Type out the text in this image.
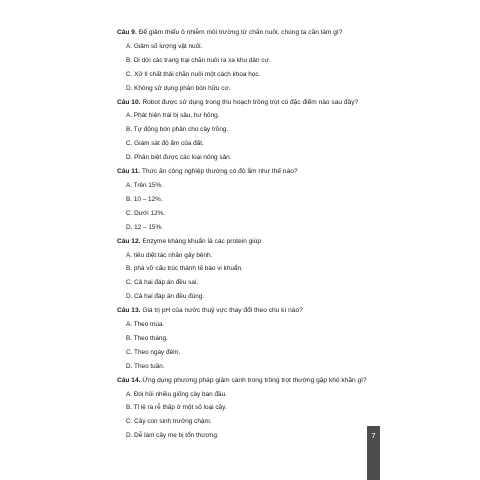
Câu 9. Để giảm thiểu ô nhiễm môi trường từ chăn nuôi, chúng ta cần làm gì?
A. Giảm số lượng vật nuôi.
B. Di dời các trang trại chăn nuôi ra xa khu dân cư.
C. Xử lí chất thải chăn nuôi một cách khoa học.
D. Không sử dụng phân bón hữu cơ.
Câu 10. Robot được sử dụng trong thu hoạch trồng trọt có đặc điểm nào sau đây?
A. Phát hiện trái bị sâu, hư hỏng.
B. Tự động bón phân cho cây trồng.
C. Giám sát độ ẩm của đất.
D. Phân biệt được các loại nông sản.
Câu 11. Thức ăn công nghiệp thường có độ ẩm như thế nào?
A. Trên 15%.
B. 10 – 12%.
C. Dưới 12%.
D. 12 – 15%.
Câu 12. Enzyme kháng khuẩn là các protein giúp
A. tiêu diệt tác nhân gây bệnh.
B. phá vỡ cấu trúc thành tế bào vi khuẩn.
C. Cả hai đáp án đều sai.
D. Cả hai đáp án đều đúng.
Câu 13. Giá trị pH của nước thuỷ vực thay đổi theo chu kì nào?
A. Theo mùa.
B. Theo tháng.
C. Theo ngày đêm.
D. Theo tuần.
Câu 14. Ứng dụng phương pháp giâm cành trong trồng trọt thường gặp khó khăn gì?
A. Đòi hỏi nhiều giống cây ban đầu.
B. Tỉ lệ ra rễ thấp ở một số loại cây.
C. Cây con sinh trưởng chậm.
D. Dễ làm cây mẹ bị tổn thương.	7
